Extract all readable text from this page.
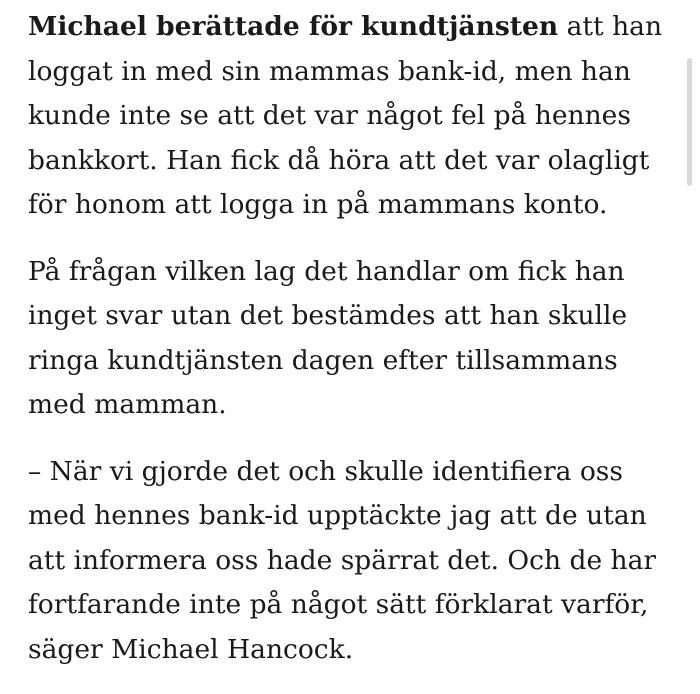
Michael berättade för kundtjänsten att han
loggat in med sin mammas bank-id, men han
kunde inte se att det var något fel på hennes
bankkort. Han fick då höra att det var olagligt
för honom att logga in på mammans konto.

På frågan vilken lag det handlar om fick han
inget svar utan det bestämdes att han skulle
ringa kundtjänsten dagen efter tillsammans
med mamman.

– När vi gjorde det och skulle identifiera oss
med hennes bank-id upptäckte jag att de utan
att informera oss hade spärrat det. Och de har
fortfarande inte på något sätt förklarat varför,
säger Michael Hancock.
